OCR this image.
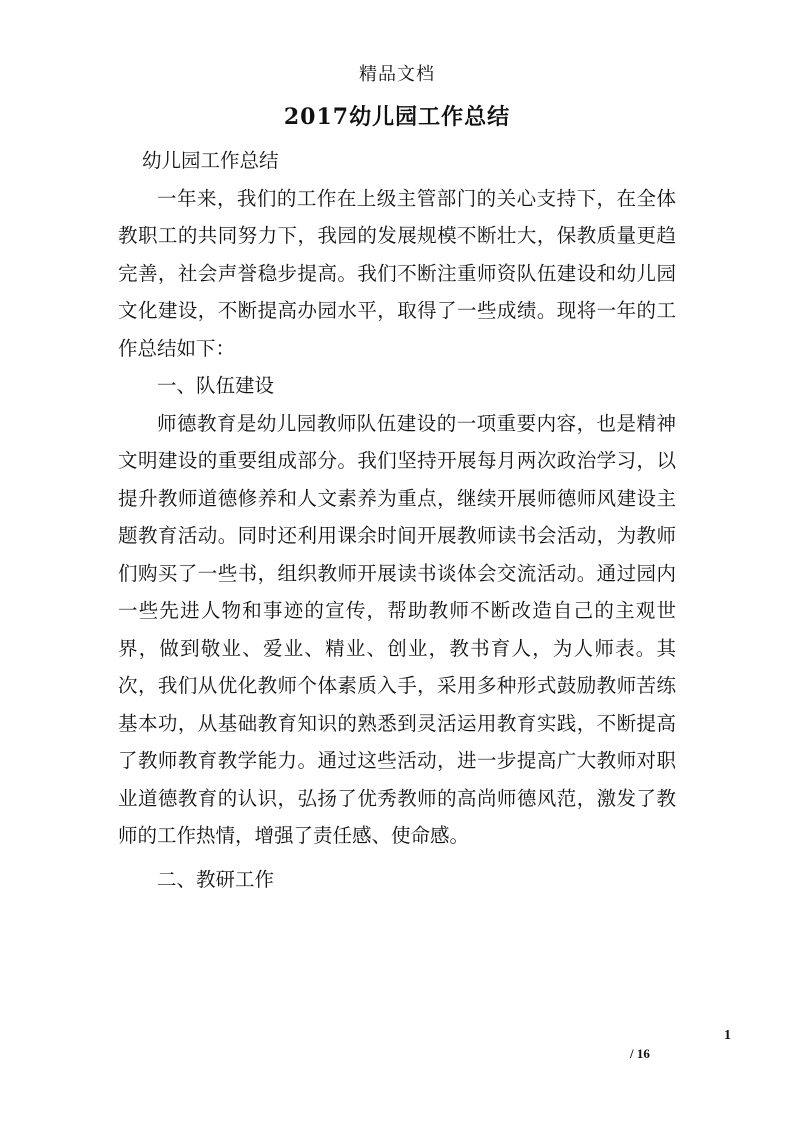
精品文档
2017幼儿园工作总结

幼儿园工作总结

一年来，我们的工作在上级主管部门的关心支持下，在全体教职工的共同努力下，我园的发展规模不断壮大，保教质量更趋完善，社会声誉稳步提高。我们不断注重师资队伍建设和幼儿园文化建设，不断提高办园水平，取得了一些成绩。现将一年的工作总结如下：

一、队伍建设

师德教育是幼儿园教师队伍建设的一项重要内容，也是精神文明建设的重要组成部分。我们坚持开展每月两次政治学习，以提升教师道德修养和人文素养为重点，继续开展师德师风建设主题教育活动。同时还利用课余时间开展教师读书会活动，为教师们购买了一些书，组织教师开展读书谈体会交流活动。通过园内一些先进人物和事迹的宣传，帮助教师不断改造自己的主观世界，做到敬业、爱业、精业、创业，教书育人，为人师表。其次，我们从优化教师个体素质入手，采用多种形式鼓励教师苦练基本功，从基础教育知识的熟悉到灵活运用教育实践，不断提高了教师教育教学能力。通过这些活动，进一步提高广大教师对职业道德教育的认识，弘扬了优秀教师的高尚师德风范，激发了教师的工作热情，增强了责任感、使命感。

二、教研工作

1
/ 16
